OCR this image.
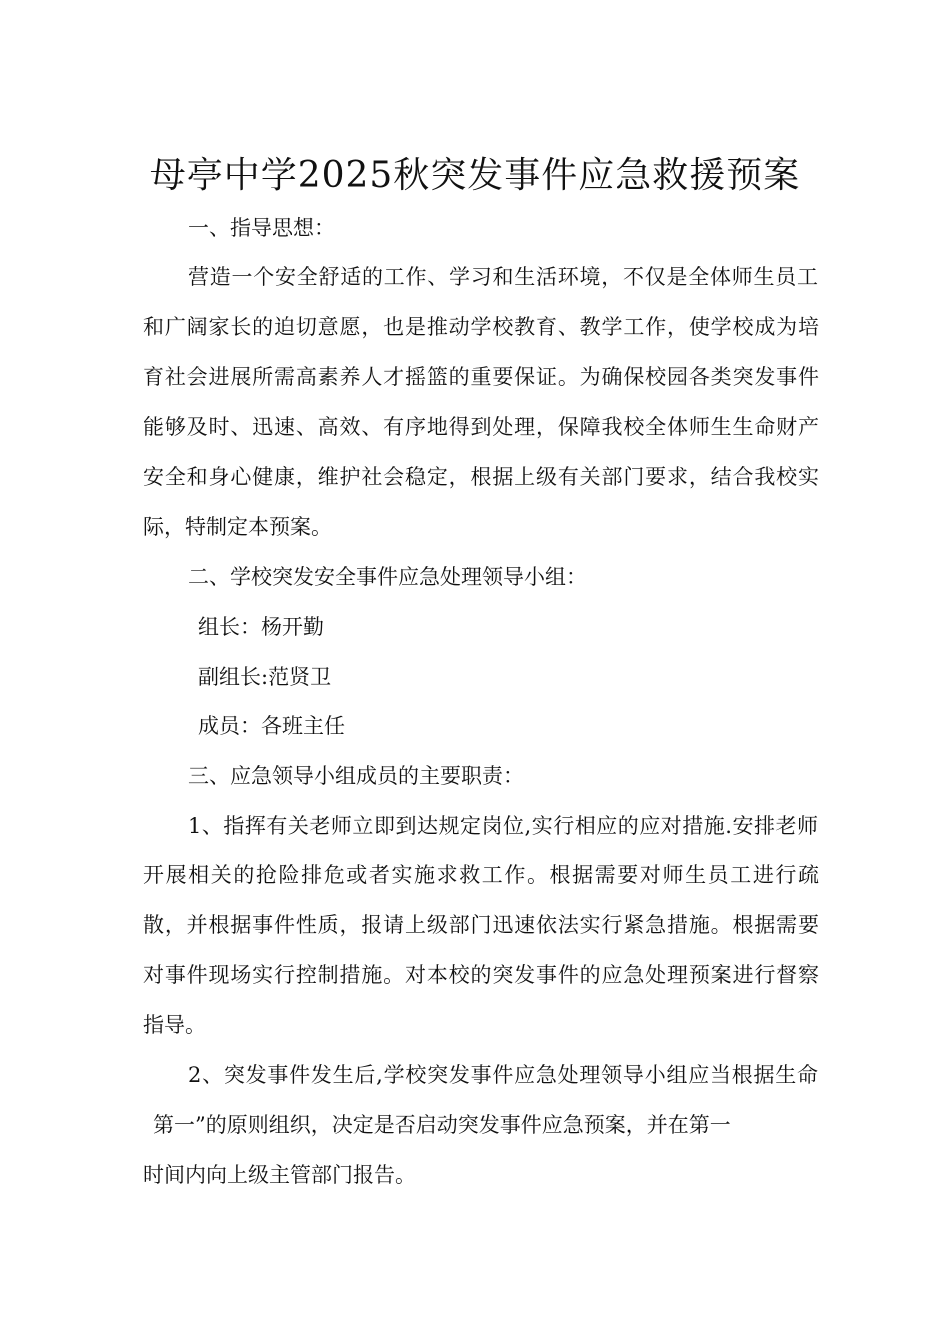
母亭中学2025秋突发事件应急救援预案
一、指导思想：
营造一个安全舒适的工作、学习和生活环境，不仅是全体师生员工
和广阔家长的迫切意愿，也是推动学校教育、教学工作，使学校成为培
育社会进展所需高素养人才摇篮的重要保证。为确保校园各类突发事件
能够及时、迅速、高效、有序地得到处理，保障我校全体师生生命财产
安全和身心健康，维护社会稳定，根据上级有关部门要求，结合我校实
际，特制定本预案。
二、学校突发安全事件应急处理领导小组：
组长：杨开勤
副组长:范贤卫
成员：各班主任
三、应急领导小组成员的主要职责：
1、指挥有关老师立即到达规定岗位,实行相应的应对措施.安排老师
开展相关的抢险排危或者实施求救工作。根据需要对师生员工进行疏
散，并根据事件性质，报请上级部门迅速依法实行紧急措施。根据需要
对事件现场实行控制措施。对本校的突发事件的应急处理预案进行督察
指导。
2、突发事件发生后,学校突发事件应急处理领导小组应当根据生命
第一”的原则组织，决定是否启动突发事件应急预案，并在第一
时间内向上级主管部门报告。
